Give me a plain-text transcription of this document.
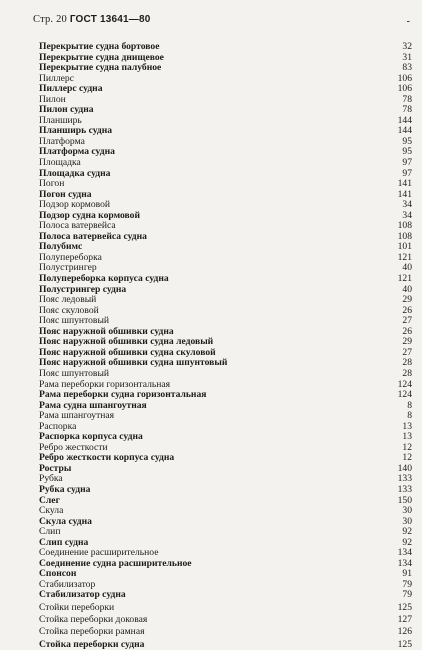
Стр. 20 ГОСТ 13641—80	-
Перекрытие судна бортовое	32
Перекрытие судна днищевое	31
Перекрытие судна палубное	83
Пиллерс	106
Пиллерс судна	106
Пилон	78
Пилон судна	78
Планширь	144
Планширь судна	144
Платформа	95
Платформа судна	95
Площадка	97
Площадка судна	97
Погон	141
Погон судна	141
Подзор кормовой	34
Подзор судна кормовой	34
Полоса ватервейса	108
Полоса ватервейса судна	108
Полубимс	101
Полупереборка	121
Полустрингер	40
Полупереборка корпуса судна	121
Полустрингер судна	40
Пояс ледовый	29
Пояс скуловой	26
Пояс шпунтовый	27
Пояс наружной обшивки судна	26
Пояс наружной обшивки судна ледовый	29
Пояс наружной обшивки судна скуловой	27
Пояс наружной обшивки судна шпунтовый	28
Пояс шпунтовый	28
Рама переборки горизонтальная	124
Рама переборки судна горизонтальная	124
Рама судна шпангоутная	8
Рама шпангоутная	8
Распорка	13
Распорка корпуса судна	13
Ребро жесткости	12
Ребро жесткости корпуса судна	12
Ростры	140
Рубка	133
Рубка судна	133
Слег	150
Скула	30
Скула судна	30
Слип	92
Слип судна	92
Соединение расширительное	134
Соединение судна расширительное	134
Спонсон	91
Стабилизатор	79
Стабилизатор судна	79
Стойки переборки	125
Стойка переборки доковая	127
Стойка переборки рамная	126
Стойка переборки судна	125
